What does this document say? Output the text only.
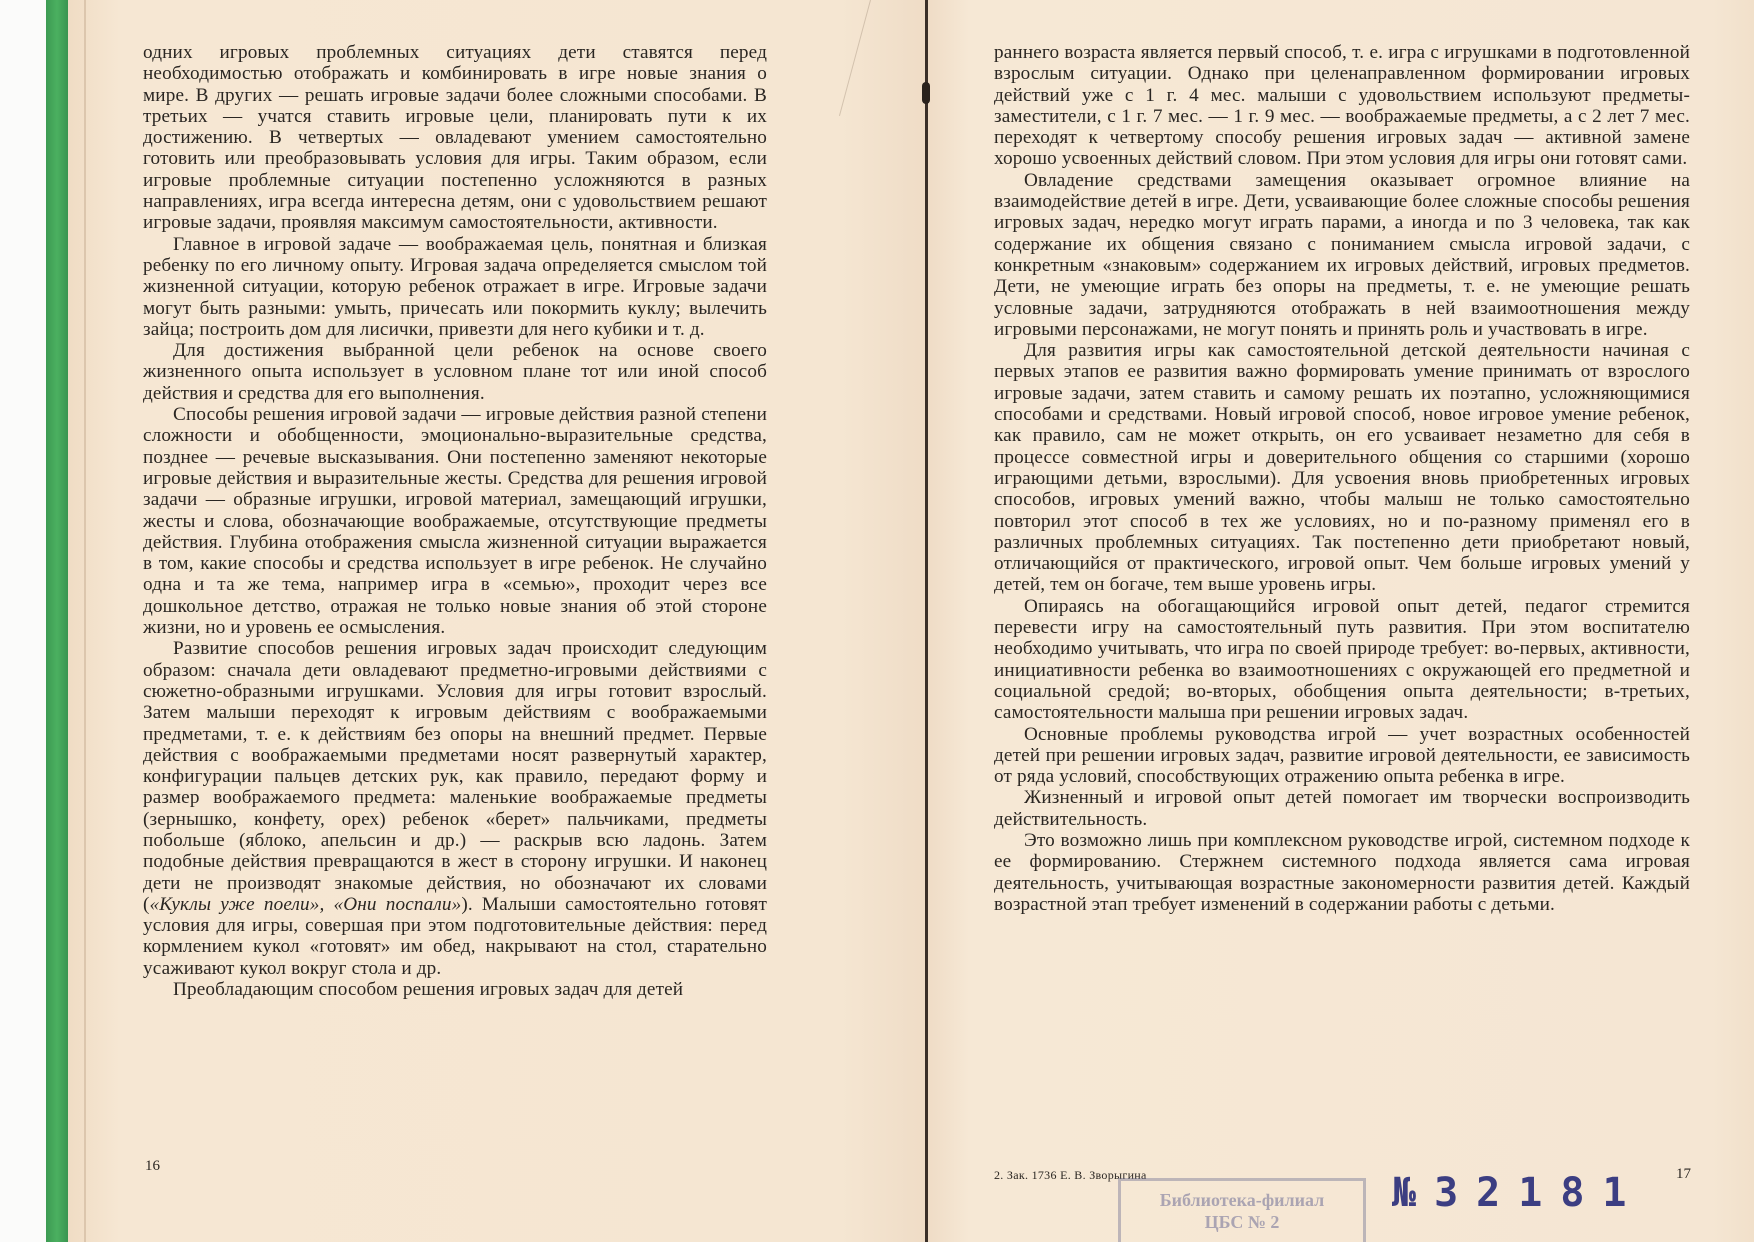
одних игровых проблемных ситуациях дети ставятся перед необходимостью отображать и комбинировать в игре новые знания о мире. В других — решать игровые задачи более сложными способами. В третьих — учатся ставить игровые цели, планировать пути к их достижению. В четвертых — овладевают умением самостоятельно готовить или преобразовывать условия для игры. Таким образом, если игровые проблемные ситуации постепенно усложняются в разных направлениях, игра всегда интересна детям, они с удовольствием решают игровые задачи, проявляя максимум самостоятельности, активности.

Главное в игровой задаче — воображаемая цель, понятная и близкая ребенку по его личному опыту. Игровая задача определяется смыслом той жизненной ситуации, которую ребенок отражает в игре. Игровые задачи могут быть разными: умыть, причесать или покормить куклу; вылечить зайца; построить дом для лисички, привезти для него кубики и т. д.

Для достижения выбранной цели ребенок на основе своего жизненного опыта использует в условном плане тот или иной способ действия и средства для его выполнения.

Способы решения игровой задачи — игровые действия разной степени сложности и обобщенности, эмоционально-выразительные средства, позднее — речевые высказывания. Они постепенно заменяют некоторые игровые действия и выразительные жесты. Средства для решения игровой задачи — образные игрушки, игровой материал, замещающий игрушки, жесты и слова, обозначающие воображаемые, отсутствующие предметы действия. Глубина отображения смысла жизненной ситуации выражается в том, какие способы и средства использует в игре ребенок. Не случайно одна и та же тема, например игра в «семью», проходит через все дошкольное детство, отражая не только новые знания об этой стороне жизни, но и уровень ее осмысления.

Развитие способов решения игровых задач происходит следующим образом: сначала дети овладевают предметно-игровыми действиями с сюжетно-образными игрушками. Условия для игры готовит взрослый. Затем малыши переходят к игровым действиям с воображаемыми предметами, т. е. к действиям без опоры на внешний предмет. Первые действия с воображаемыми предметами носят развернутый характер, конфигурации пальцев детских рук, как правило, передают форму и размер воображаемого предмета: маленькие воображаемые предметы (зернышко, конфету, орех) ребенок «берет» пальчиками, предметы побольше (яблоко, апельсин и др.) — раскрыв всю ладонь. Затем подобные действия превращаются в жест в сторону игрушки. И наконец дети не производят знакомые действия, но обозначают их словами («Куклы уже поели», «Они поспали»). Малыши самостоятельно готовят условия для игры, совершая при этом подготовительные действия: перед кормлением кукол «готовят» им обед, накрывают на стол, старательно усаживают кукол вокруг стола и др.

Преобладающим способом решения игровых задач для детей

16

раннего возраста является первый способ, т. е. игра с игрушками в подготовленной взрослым ситуации. Однако при целенаправленном формировании игровых действий уже с 1 г. 4 мес. малыши с удовольствием используют предметы-заместители, с 1 г. 7 мес. — 1 г. 9 мес. — воображаемые предметы, а с 2 лет 7 мес. переходят к четвертому способу решения игровых задач — активной замене хорошо усвоенных действий словом. При этом условия для игры они готовят сами.

Овладение средствами замещения оказывает огромное влияние на взаимодействие детей в игре. Дети, усваивающие более сложные способы решения игровых задач, нередко могут играть парами, а иногда и по 3 человека, так как содержание их общения связано с пониманием смысла игровой задачи, с конкретным «знаковым» содержанием их игровых действий, игровых предметов. Дети, не умеющие играть без опоры на предметы, т. е. не умеющие решать условные задачи, затрудняются отображать в ней взаимоотношения между игровыми персонажами, не могут понять и принять роль и участвовать в игре.

Для развития игры как самостоятельной детской деятельности начиная с первых этапов ее развития важно формировать умение принимать от взрослого игровые задачи, затем ставить и самому решать их поэтапно, усложняющимися способами и средствами. Новый игровой способ, новое игровое умение ребенок, как правило, сам не может открыть, он его усваивает незаметно для себя в процессе совместной игры и доверительного общения со старшими (хорошо играющими детьми, взрослыми). Для усвоения вновь приобретенных игровых способов, игровых умений важно, чтобы малыш не только самостоятельно повторил этот способ в тех же условиях, но и по-разному применял его в различных проблемных ситуациях. Так постепенно дети приобретают новый, отличающийся от практического, игровой опыт. Чем больше игровых умений у детей, тем он богаче, тем выше уровень игры.

Опираясь на обогащающийся игровой опыт детей, педагог стремится перевести игру на самостоятельный путь развития. При этом воспитателю необходимо учитывать, что игра по своей природе требует: во-первых, активности, инициативности ребенка во взаимоотношениях с окружающей его предметной и социальной средой; во-вторых, обобщения опыта деятельности; в-третьих, самостоятельности малыша при решении игровых задач.

Основные проблемы руководства игрой — учет возрастных особенностей детей при решении игровых задач, развитие игровой деятельности, ее зависимость от ряда условий, способствующих отражению опыта ребенка в игре.

Жизненный и игровой опыт детей помогает им творчески воспроизводить действительность.

Это возможно лишь при комплексном руководстве игрой, системном подходе к ее формированию. Стержнем системного подхода является сама игровая деятельность, учитывающая возрастные закономерности развития детей. Каждый возрастной этап требует изменений в содержании работы с детьми.

2. Зак. 1736 Е. В. Зворыгина	17
Библиотека-филиал
ЦБС № 2
№32181
